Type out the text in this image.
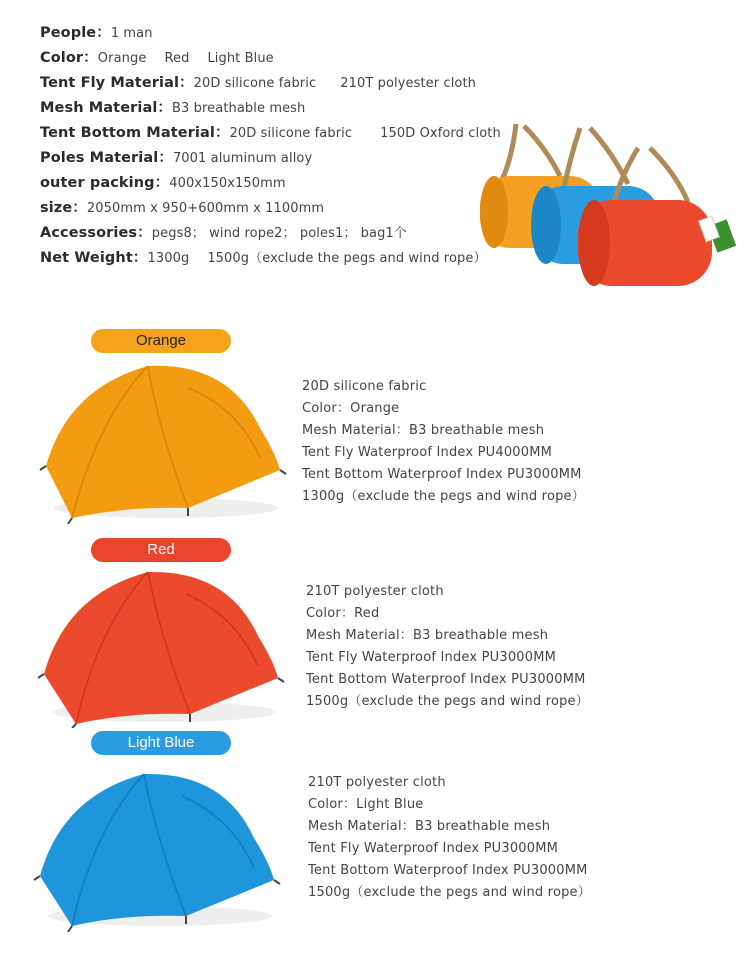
People：1 man
Color：Orange Red Light Blue
Tent Fly Material：20D silicone fabric 210T polyester cloth
Mesh Material：B3 breathable mesh
Tent Bottom Material：20D silicone fabric 150D Oxford cloth
Poles Material：7001 aluminum alloy
outer packing：400x150x150mm
size：2050mm x 950+600mm x 1100mm
Accessories：pegs8； wind rope2； poles1； bag1个
Net Weight：1300g 1500g（exclude the pegs and wind rope）
Orange
20D silicone fabric
Color：Orange
Mesh Material：B3 breathable mesh
Tent Fly Waterproof Index PU4000MM
Tent Bottom Waterproof Index PU3000MM
1300g（exclude the pegs and wind rope）
Red
210T polyester cloth
Color：Red
Mesh Material：B3 breathable mesh
Tent Fly Waterproof Index PU3000MM
Tent Bottom Waterproof Index PU3000MM
1500g（exclude the pegs and wind rope）
Light Blue
210T polyester cloth
Color：Light Blue
Mesh Material：B3 breathable mesh
Tent Fly Waterproof Index PU3000MM
Tent Bottom Waterproof Index PU3000MM
1500g（exclude the pegs and wind rope）
